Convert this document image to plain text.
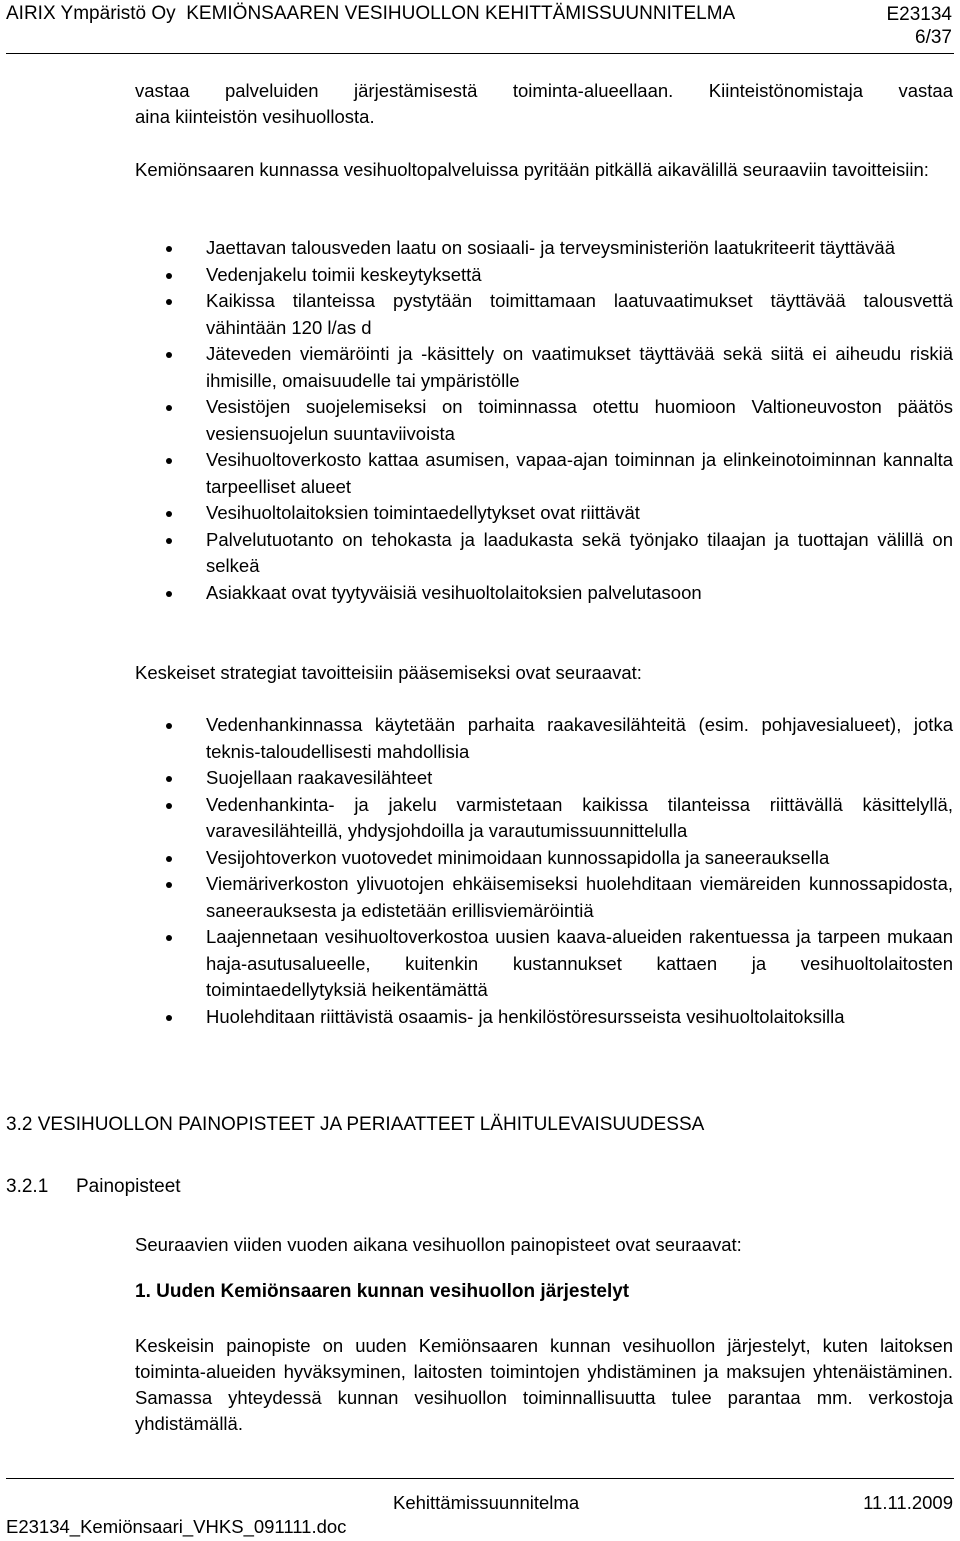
AIRIX Ympäristö Oy KEMIÖNSAAREN VESIHUOLLON KEHITTÄMISSUUNNITELMA	E23134
6/37

vastaa palveluiden järjestämisestä toiminta-alueellaan. Kiinteistönomistaja vastaa
aina kiinteistön vesihuollosta.

Kemiönsaaren kunnassa vesihuoltopalveluissa pyritään pitkällä aikavälillä seuraaviin tavoitteisiin:

Jaettavan talousveden laatu on sosiaali- ja terveysministeriön laatukriteerit täyttävää
Vedenjakelu toimii keskeytyksettä
Kaikissa tilanteissa pystytään toimittamaan laatuvaatimukset täyttävää talousvettä vähintään 120 l/as d
Jäteveden viemäröinti ja -käsittely on vaatimukset täyttävää sekä siitä ei aiheudu riskiä ihmisille, omaisuudelle tai ympäristölle
Vesistöjen suojelemiseksi on toiminnassa otettu huomioon Valtioneuvoston päätös vesiensuojelun suuntaviivoista
Vesihuoltoverkosto kattaa asumisen, vapaa-ajan toiminnan ja elinkeinotoiminnan kannalta tarpeelliset alueet
Vesihuoltolaitoksien toimintaedellytykset ovat riittävät
Palvelutuotanto on tehokasta ja laadukasta sekä työnjako tilaajan ja tuottajan välillä on selkeä
Asiakkaat ovat tyytyväisiä vesihuoltolaitoksien palvelutasoon

Keskeiset strategiat tavoitteisiin pääsemiseksi ovat seuraavat:

Vedenhankinnassa käytetään parhaita raakavesilähteitä (esim. pohjavesialueet), jotka teknis-taloudellisesti mahdollisia
Suojellaan raakavesilähteet
Vedenhankinta- ja jakelu varmistetaan kaikissa tilanteissa riittävällä käsittelyllä, varavesilähteillä, yhdysjohdoilla ja varautumissuunnittelulla
Vesijohtoverkon vuotovedet minimoidaan kunnossapidolla ja saneerauksella
Viemäriverkoston ylivuotojen ehkäisemiseksi huolehditaan viemäreiden kunnossapidosta, saneerauksesta ja edistetään erillisviemäröintiä
Laajennetaan vesihuoltoverkostoa uusien kaava-alueiden rakentuessa ja tarpeen mukaan haja-asutusalueelle, kuitenkin kustannukset kattaen ja vesihuoltolaitosten toimintaedellytyksiä heikentämättä
Huolehditaan riittävistä osaamis- ja henkilöstöresursseista vesihuoltolaitoksilla
3.2 VESIHUOLLON PAINOPISTEET JA PERIAATTEET LÄHITULEVAISUUDESSA
3.2.1 Painopisteet

Seuraavien viiden vuoden aikana vesihuollon painopisteet ovat seuraavat:

1. Uuden Kemiönsaaren kunnan vesihuollon järjestelyt

Keskeisin painopiste on uuden Kemiönsaaren kunnan vesihuollon järjestelyt, kuten laitoksen toiminta-alueiden hyväksyminen, laitosten toimintojen yhdistäminen ja maksujen yhtenäistäminen. Samassa yhteydessä kunnan vesihuollon toiminnallisuutta tulee parantaa mm. verkostoja yhdistämällä.

Kehittämissuunnitelma	11.11.2009
E23134_Kemiönsaari_VHKS_091111.doc
